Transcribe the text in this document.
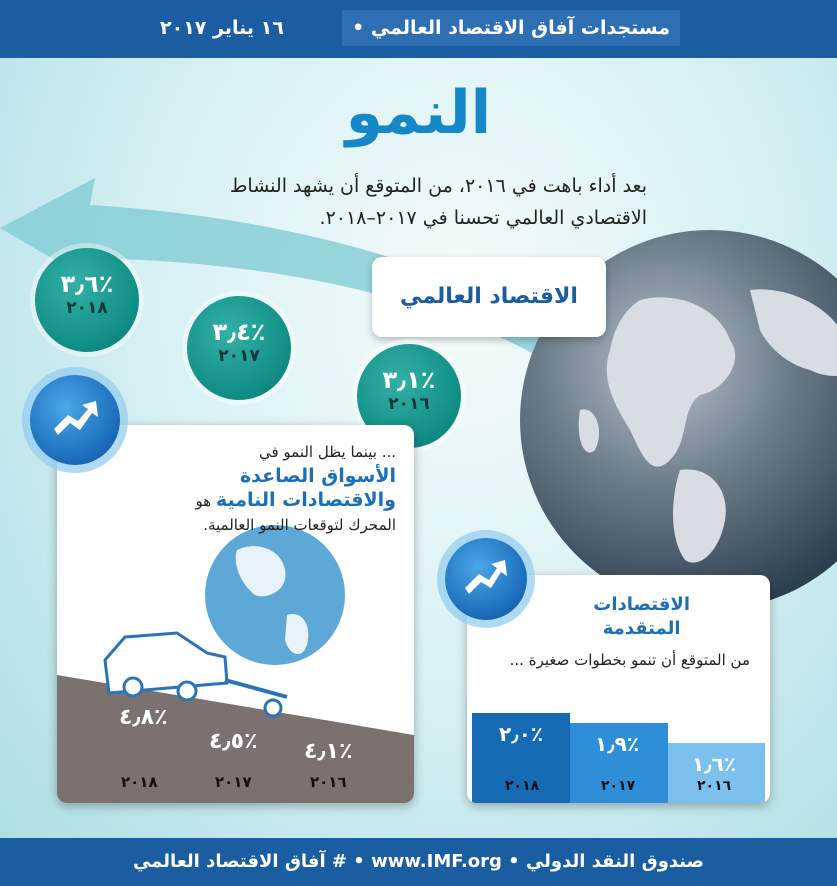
مستجدات آفاق الاقتصاد العالمي •
١٦ يناير ٢٠١٧
النمو
بعد أداء باهت في ٢٠١٦، من المتوقع أن يشهد النشاط الاقتصادي العالمي تحسنا في ٢٠١٧–٢٠١٨.
الاقتصاد العالمي
٪٣٫٦
٢٠١٨
٪٣٫٤
٢٠١٧
٪٣٫١
٢٠١٦
... بينما يظل النمو في
الأسواق الصاعدة
والاقتصادات النامية هو
المحرك لتوقعات النمو العالمية.
٪٤٫٨
٪٤٫٥ ٪٤٫١
٢٠١٨	٢٠١٧	٢٠١٦
الاقتصادات
المتقدمة
من المتوقع أن تنمو بخطوات صغيرة ...
٪٢٫٠	٪١٫٩
٪١٫٦
٢٠١٨	٢٠١٧	٢٠١٦
صندوق النقد الدولي • www.IMF.org • # آفاق الاقتصاد العالمي
